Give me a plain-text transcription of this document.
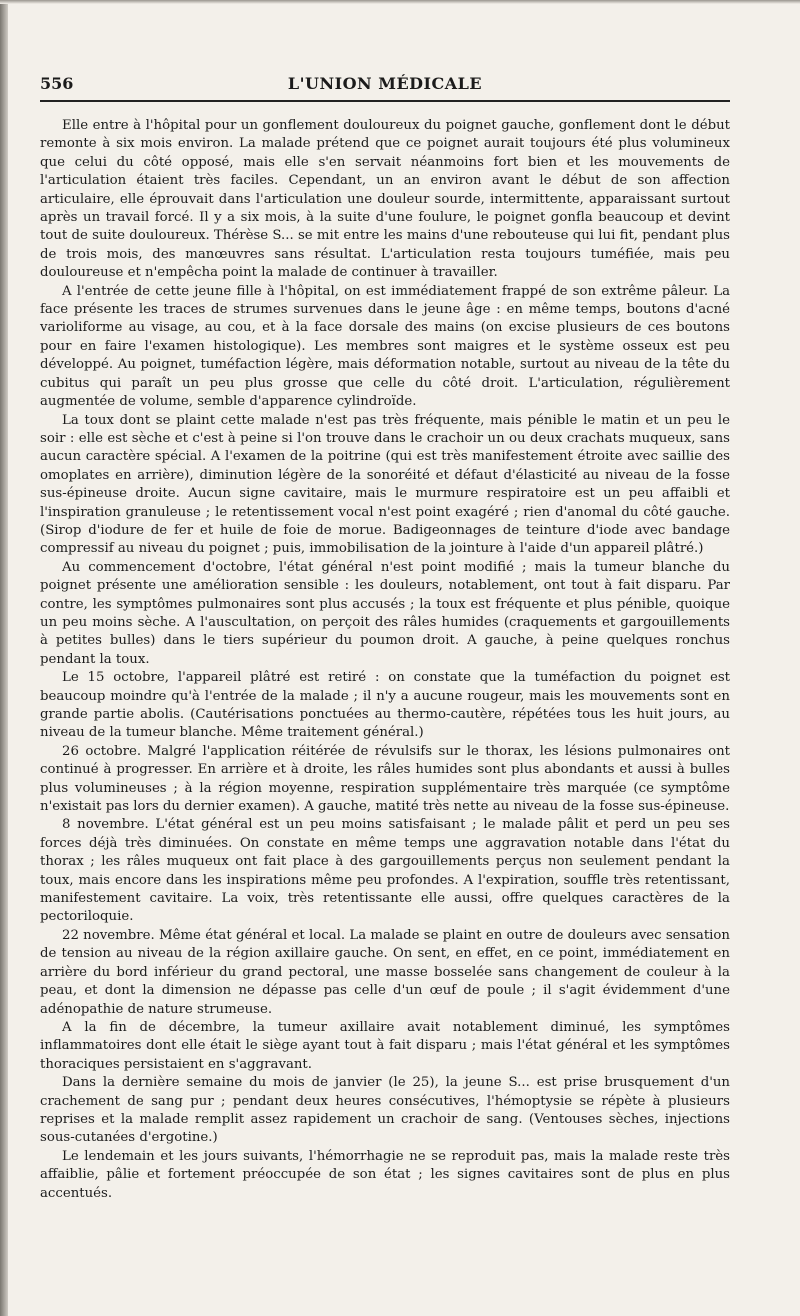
556	L'UNION MÉDICALE

Elle entre à l'hôpital pour un gonflement douloureux du poignet gauche, gonflement dont le début remonte à six mois environ. La malade prétend que ce poignet aurait toujours été plus volumineux que celui du côté opposé, mais elle s'en servait néanmoins fort bien et les mouvements de l'articulation étaient très faciles. Cependant, un an environ avant le début de son affection articulaire, elle éprouvait dans l'articulation une douleur sourde, intermittente, apparaissant surtout après un travail forcé. Il y a six mois, à la suite d'une foulure, le poignet gonfla beaucoup et devint tout de suite douloureux. Thérèse S... se mit entre les mains d'une rebouteuse qui lui fit, pendant plus de trois mois, des manœuvres sans résultat. L'articulation resta toujours tuméfiée, mais peu douloureuse et n'empêcha point la malade de continuer à travailler.

A l'entrée de cette jeune fille à l'hôpital, on est immédiatement frappé de son extrême pâleur. La face présente les traces de strumes survenues dans le jeune âge : en même temps, boutons d'acné varioliforme au visage, au cou, et à la face dorsale des mains (on excise plusieurs de ces boutons pour en faire l'examen histologique). Les membres sont maigres et le système osseux est peu développé. Au poignet, tuméfaction légère, mais déformation notable, surtout au niveau de la tête du cubitus qui paraît un peu plus grosse que celle du côté droit. L'articulation, régulièrement augmentée de volume, semble d'apparence cylindroïde.

La toux dont se plaint cette malade n'est pas très fréquente, mais pénible le matin et un peu le soir : elle est sèche et c'est à peine si l'on trouve dans le crachoir un ou deux crachats muqueux, sans aucun caractère spécial. A l'examen de la poitrine (qui est très manifestement étroite avec saillie des omoplates en arrière), diminution légère de la sonoréité et défaut d'élasticité au niveau de la fosse sus-épineuse droite. Aucun signe cavitaire, mais le murmure respiratoire est un peu affaibli et l'inspiration granuleuse ; le retentissement vocal n'est point exagéré ; rien d'anomal du côté gauche. (Sirop d'iodure de fer et huile de foie de morue. Badigeonnages de teinture d'iode avec bandage compressif au niveau du poignet ; puis, immobilisation de la jointure à l'aide d'un appareil plâtré.)

Au commencement d'octobre, l'état général n'est point modifié ; mais la tumeur blanche du poignet présente une amélioration sensible : les douleurs, notablement, ont tout à fait disparu. Par contre, les symptômes pulmonaires sont plus accusés ; la toux est fréquente et plus pénible, quoique un peu moins sèche. A l'auscultation, on perçoit des râles humides (craquements et gargouillements à petites bulles) dans le tiers supérieur du poumon droit. A gauche, à peine quelques ronchus pendant la toux.

Le 15 octobre, l'appareil plâtré est retiré : on constate que la tuméfaction du poignet est beaucoup moindre qu'à l'entrée de la malade ; il n'y a aucune rougeur, mais les mouvements sont en grande partie abolis. (Cautérisations ponctuées au thermo-cautère, répétées tous les huit jours, au niveau de la tumeur blanche. Même traitement général.)

26 octobre. Malgré l'application réitérée de révulsifs sur le thorax, les lésions pulmonaires ont continué à progresser. En arrière et à droite, les râles humides sont plus abondants et aussi à bulles plus volumineuses ; à la région moyenne, respiration supplémentaire très marquée (ce symptôme n'existait pas lors du dernier examen). A gauche, matité très nette au niveau de la fosse sus-épineuse.

8 novembre. L'état général est un peu moins satisfaisant ; le malade pâlit et perd un peu ses forces déjà très diminuées. On constate en même temps une aggravation notable dans l'état du thorax ; les râles muqueux ont fait place à des gargouillements perçus non seulement pendant la toux, mais encore dans les inspirations même peu profondes. A l'expiration, souffle très retentissant, manifestement cavitaire. La voix, très retentissante elle aussi, offre quelques caractères de la pectoriloquie.

22 novembre. Même état général et local. La malade se plaint en outre de douleurs avec sensation de tension au niveau de la région axillaire gauche. On sent, en effet, en ce point, immédiatement en arrière du bord inférieur du grand pectoral, une masse bosselée sans changement de couleur à la peau, et dont la dimension ne dépasse pas celle d'un œuf de poule ; il s'agit évidemment d'une adénopathie de nature strumeuse.

A la fin de décembre, la tumeur axillaire avait notablement diminué, les symptômes inflammatoires dont elle était le siège ayant tout à fait disparu ; mais l'état général et les symptômes thoraciques persistaient en s'aggravant.

Dans la dernière semaine du mois de janvier (le 25), la jeune S... est prise brusquement d'un crachement de sang pur ; pendant deux heures consécutives, l'hémoptysie se répète à plusieurs reprises et la malade remplit assez rapidement un crachoir de sang. (Ventouses sèches, injections sous-cutanées d'ergotine.)

Le lendemain et les jours suivants, l'hémorrhagie ne se reproduit pas, mais la malade reste très affaiblie, pâlie et fortement préoccupée de son état ; les signes cavitaires sont de plus en plus accentués.
